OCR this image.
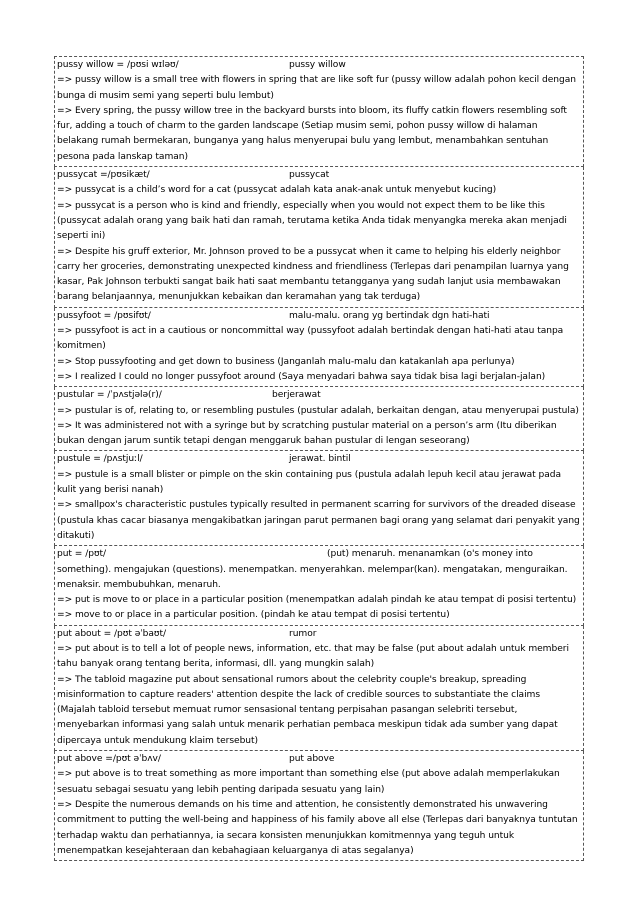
pussy willow = /pʊsi wɪləʊ/	pussy willow
=> pussy willow is a small tree with flowers in spring that are like soft fur (pussy willow adalah pohon kecil dengan bunga di musim semi yang seperti bulu lembut)
=> Every spring, the pussy willow tree in the backyard bursts into bloom, its fluffy catkin flowers resembling soft fur, adding a touch of charm to the garden landscape (Setiap musim semi, pohon pussy willow di halaman belakang rumah bermekaran, bunganya yang halus menyerupai bulu yang lembut, menambahkan sentuhan pesona pada lanskap taman)
pussycat =/pʊsikæt/	pussycat
=> pussycat is a child’s word for a cat (pussycat adalah kata anak-anak untuk menyebut kucing)
=> pussycat is a person who is kind and friendly, especially when you would not expect them to be like this (pussycat adalah orang yang baik hati dan ramah, terutama ketika Anda tidak menyangka mereka akan menjadi seperti ini)
=> Despite his gruff exterior, Mr. Johnson proved to be a pussycat when it came to helping his elderly neighbor carry her groceries, demonstrating unexpected kindness and friendliness (Terlepas dari penampilan luarnya yang kasar, Pak Johnson terbukti sangat baik hati saat membantu tetangganya yang sudah lanjut usia membawakan barang belanjaannya, menunjukkan kebaikan dan keramahan yang tak terduga)
pussyfoot = /pʊsifʊt/	malu-malu. orang yg bertindak dgn hati-hati
=> pussyfoot is act in a cautious or noncommittal way (pussyfoot adalah bertindak dengan hati-hati atau tanpa komitmen)
=> Stop pussyfooting and get down to business (Janganlah malu-malu dan katakanlah apa perlunya)
=> I realized I could no longer pussyfoot around (Saya menyadari bahwa saya tidak bisa lagi berjalan-jalan)
pustular = /ˈpʌstjələ(r)/	berjerawat
=> pustular is of, relating to, or resembling pustules (pustular adalah, berkaitan dengan, atau menyerupai pustula)
=> It was administered not with a syringe but by scratching pustular material on a person’s arm (Itu diberikan bukan dengan jarum suntik tetapi dengan menggaruk bahan pustular di lengan seseorang)
pustule = /pʌstjuːl/	jerawat. bintil
=> pustule is a small blister or pimple on the skin containing pus (pustula adalah lepuh kecil atau jerawat pada kulit yang berisi nanah)
=> smallpox's characteristic pustules typically resulted in permanent scarring for survivors of the dreaded disease (pustula khas cacar biasanya mengakibatkan jaringan parut permanen bagi orang yang selamat dari penyakit yang ditakuti)
put = /pʊt/	(put) menaruh. menanamkan (o's money into
something). mengajukan (questions). menempatkan. menyerahkan. melempar(kan). mengatakan, menguraikan. menaksir. membubuhkan, menaruh.
=> put is move to or place in a particular position (menempatkan adalah pindah ke atau tempat di posisi tertentu)
=> move to or place in a particular position. (pindah ke atau tempat di posisi tertentu)
put about = /pʊt əˈbaʊt/	rumor
=> put about is to tell a lot of people news, information, etc. that may be false (put about adalah untuk memberi tahu banyak orang tentang berita, informasi, dll. yang mungkin salah)
=> The tabloid magazine put about sensational rumors about the celebrity couple's breakup, spreading misinformation to capture readers' attention despite the lack of credible sources to substantiate the claims (Majalah tabloid tersebut memuat rumor sensasional tentang perpisahan pasangan selebriti tersebut, menyebarkan informasi yang salah untuk menarik perhatian pembaca meskipun tidak ada sumber yang dapat dipercaya untuk mendukung klaim tersebut)
put above =/pʊt əˈbʌv/	put above
=> put above is to treat something as more important than something else (put above adalah memperlakukan sesuatu sebagai sesuatu yang lebih penting daripada sesuatu yang lain)
=> Despite the numerous demands on his time and attention, he consistently demonstrated his unwavering commitment to putting the well-being and happiness of his family above all else (Terlepas dari banyaknya tuntutan terhadap waktu dan perhatiannya, ia secara konsisten menunjukkan komitmennya yang teguh untuk menempatkan kesejahteraan dan kebahagiaan keluarganya di atas segalanya)
